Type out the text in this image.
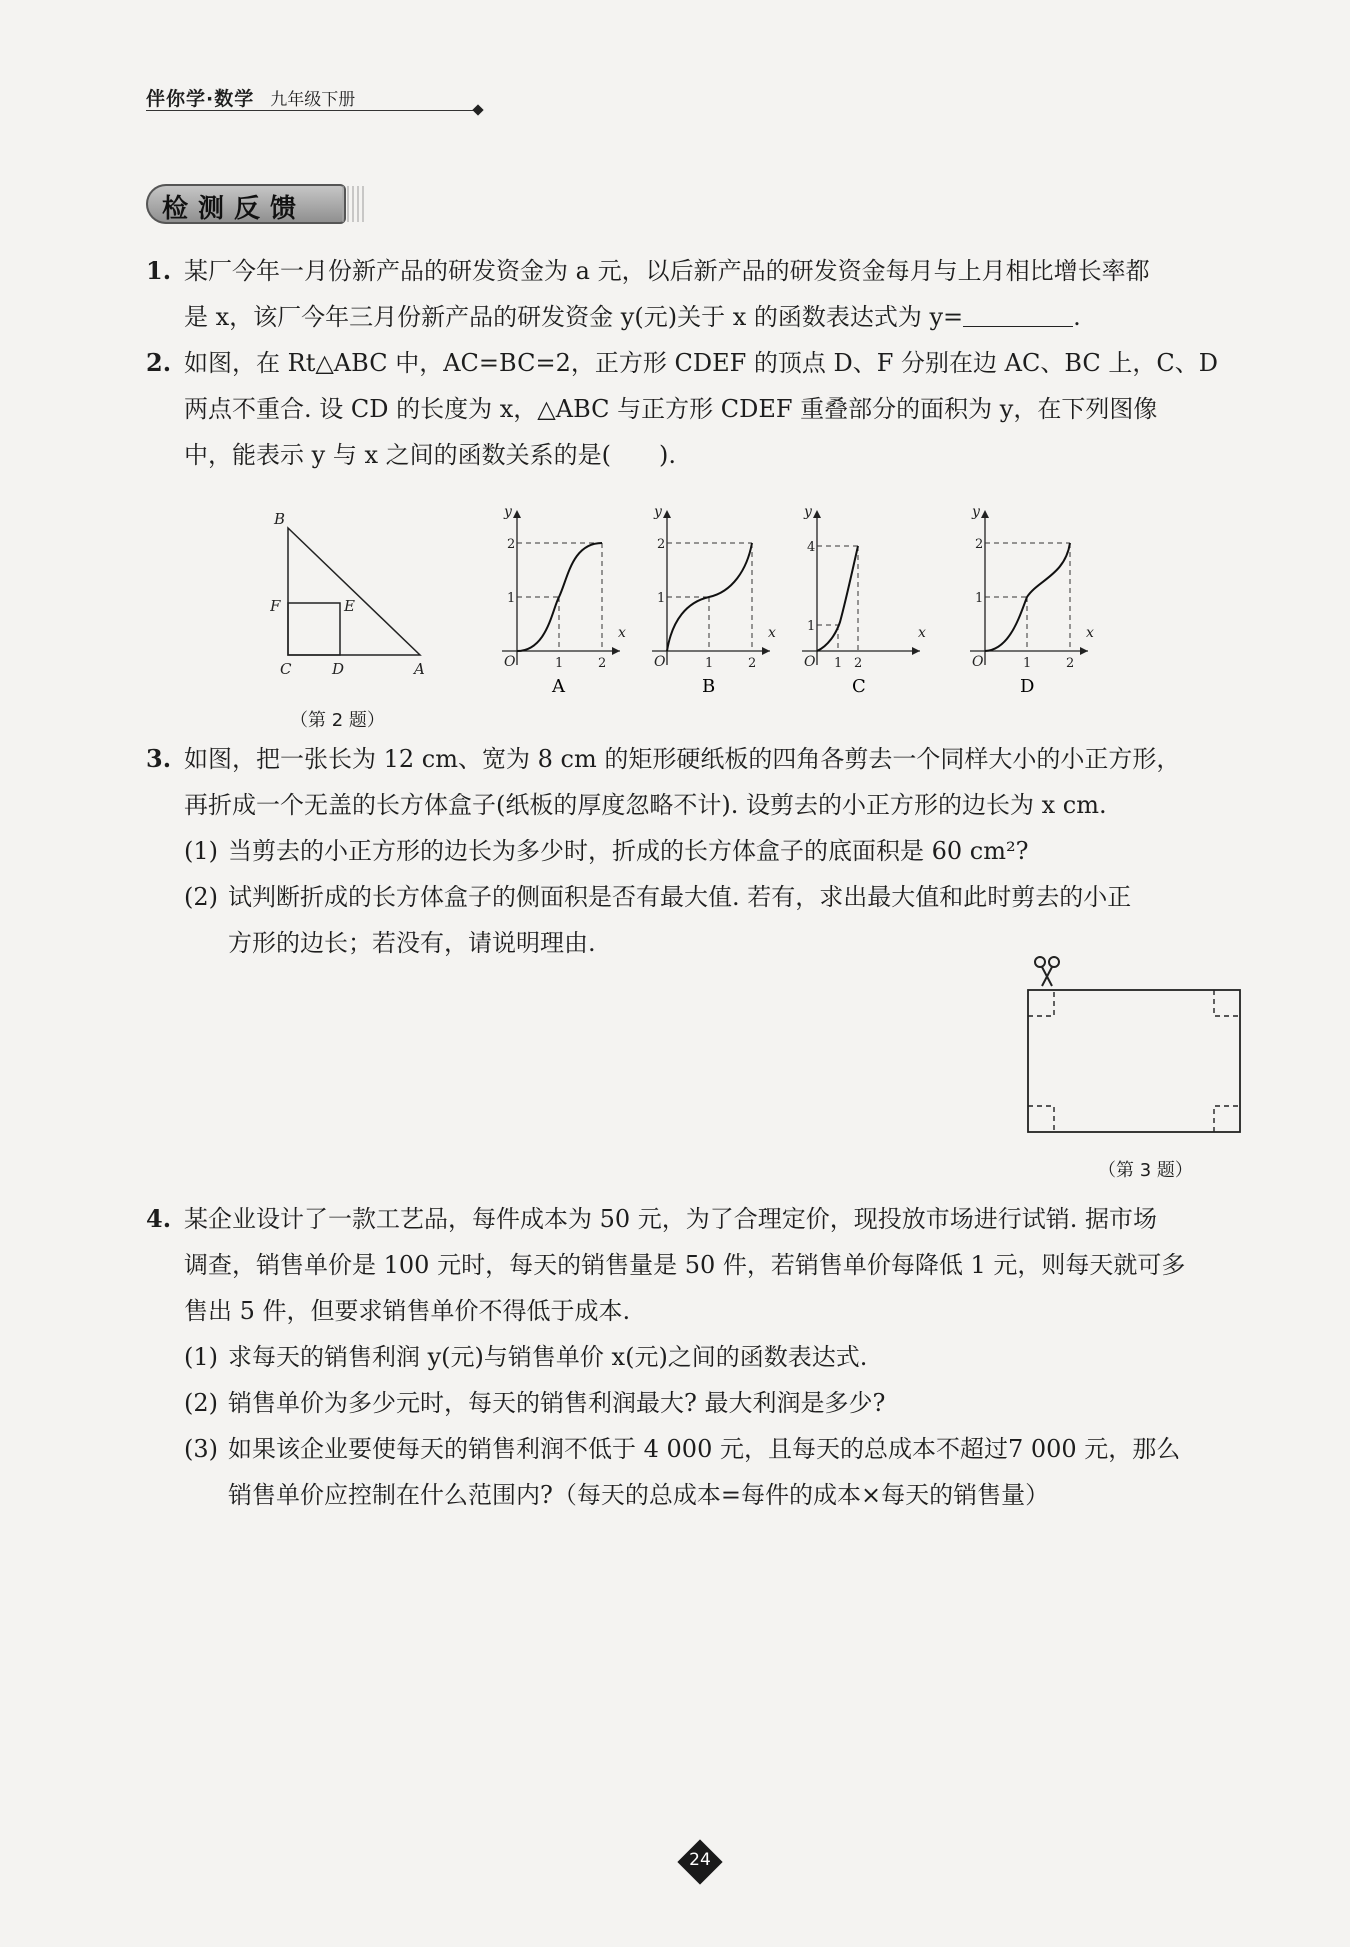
伴你学·数学 九年级下册
检测反馈
1. 某厂今年一月份新产品的研发资金为 a 元，以后新产品的研发资金每月与上月相比增长率都
是 x，该厂今年三月份新产品的研发资金 y(元)关于 x 的函数表达式为 y=	.
2. 如图，在 Rt△ABC 中，AC=BC=2，正方形 CDEF 的顶点 D、F 分别在边 AC、BC 上，C、D
两点不重合. 设 CD 的长度为 x，△ABC 与正方形 CDEF 重叠部分的面积为 y，在下列图像
中，能表示 y 与 x 之间的函数关系的是(　　).
B
F	E
C	D	A
y
x
O
2
1
1	2
A
y
x
O
2
1
1	2
B
y
x
O
4
1
1 2
C
y
x
O
2
1
1	2
D
（第 2 题）
3. 如图，把一张长为 12 cm、宽为 8 cm 的矩形硬纸板的四角各剪去一个同样大小的小正方形，
再折成一个无盖的长方体盒子(纸板的厚度忽略不计). 设剪去的小正方形的边长为 x cm.
(1) 当剪去的小正方形的边长为多少时，折成的长方体盒子的底面积是 60 cm²?
(2) 试判断折成的长方体盒子的侧面积是否有最大值. 若有，求出最大值和此时剪去的小正
方形的边长；若没有，请说明理由.
（第 3 题）
4. 某企业设计了一款工艺品，每件成本为 50 元，为了合理定价，现投放市场进行试销. 据市场
调查，销售单价是 100 元时，每天的销售量是 50 件，若销售单价每降低 1 元，则每天就可多
售出 5 件，但要求销售单价不得低于成本.
(1) 求每天的销售利润 y(元)与销售单价 x(元)之间的函数表达式.
(2) 销售单价为多少元时，每天的销售利润最大? 最大利润是多少?
(3) 如果该企业要使每天的销售利润不低于 4 000 元，且每天的总成本不超过7 000 元，那么
销售单价应控制在什么范围内?（每天的总成本=每件的成本×每天的销售量）
24
